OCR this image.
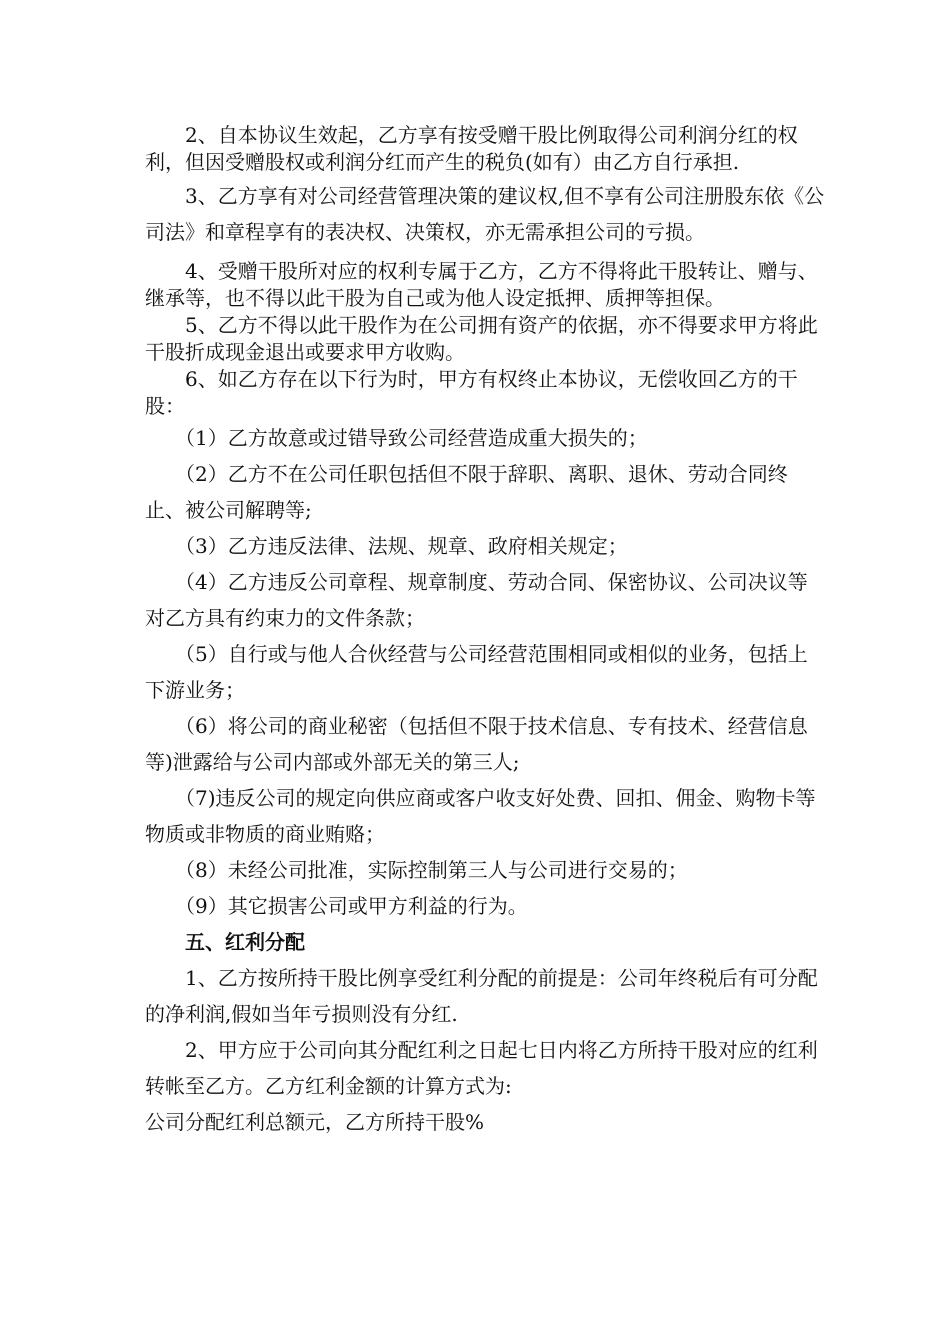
2、自本协议生效起，乙方享有按受赠干股比例取得公司利润分红的权利，但因受赠股权或利润分红而产生的税负(如有）由乙方自行承担.

3、乙方享有对公司经营管理决策的建议权,但不享有公司注册股东依《公司法》和章程享有的表决权、决策权，亦无需承担公司的亏损。

4、受赠干股所对应的权利专属于乙方，乙方不得将此干股转让、赠与、继承等，也不得以此干股为自己或为他人设定抵押、质押等担保。

5、乙方不得以此干股作为在公司拥有资产的依据，亦不得要求甲方将此干股折成现金退出或要求甲方收购。

6、如乙方存在以下行为时，甲方有权终止本协议，无偿收回乙方的干股：

（1）乙方故意或过错导致公司经营造成重大损失的；

（2）乙方不在公司任职包括但不限于辞职、离职、退休、劳动合同终止、被公司解聘等;

（3）乙方违反法律、法规、规章、政府相关规定；

（4）乙方违反公司章程、规章制度、劳动合同、保密协议、公司决议等对乙方具有约束力的文件条款；

（5）自行或与他人合伙经营与公司经营范围相同或相似的业务，包括上下游业务；

（6）将公司的商业秘密（包括但不限于技术信息、专有技术、经营信息等)泄露给与公司内部或外部无关的第三人;

（7)违反公司的规定向供应商或客户收支好处费、回扣、佣金、购物卡等物质或非物质的商业贿赂；

（8）未经公司批准，实际控制第三人与公司进行交易的；

（9）其它损害公司或甲方利益的行为。

五、红利分配

1、乙方按所持干股比例享受红利分配的前提是：公司年终税后有可分配的净利润,假如当年亏损则没有分红.

2、甲方应于公司向其分配红利之日起七日内将乙方所持干股对应的红利转帐至乙方。乙方红利金额的计算方式为:

公司分配红利总额元，乙方所持干股%
